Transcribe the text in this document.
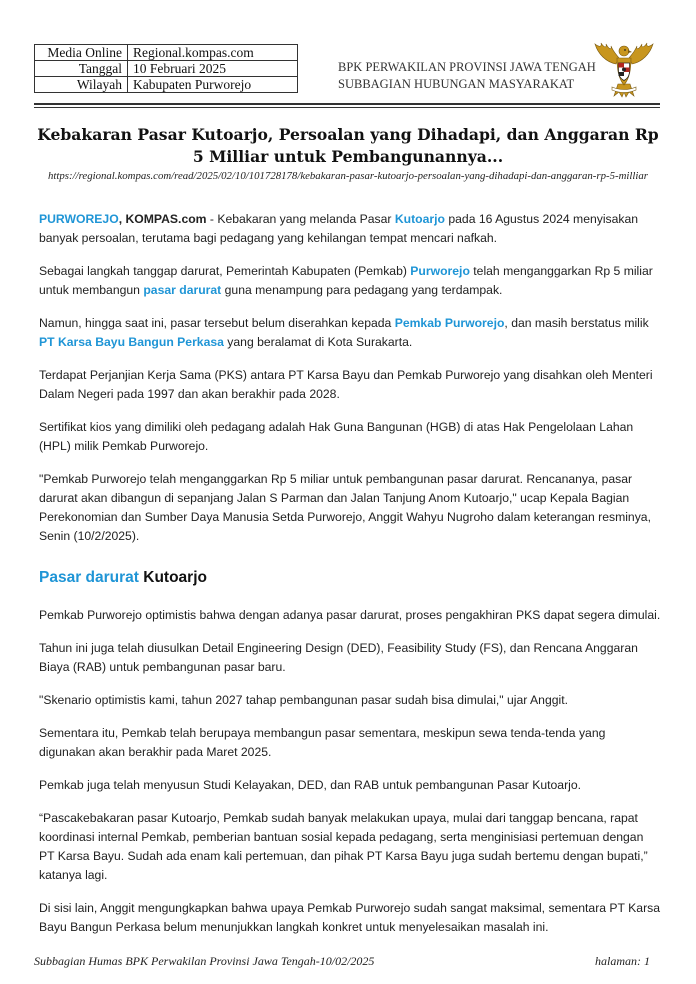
Media Online	Regional.kompas.com
Tanggal	10 Februari 2025
Wilayah	Kabupaten Purworejo
BPK PERWAKILAN PROVINSI JAWA TENGAH
SUBBAGIAN HUBUNGAN MASYARAKAT
Kebakaran Pasar Kutoarjo, Persoalan yang Dihadapi, dan Anggaran Rp 5 Milliar untuk Pembangunannya...
https://regional.kompas.com/read/2025/02/10/101728178/kebakaran-pasar-kutoarjo-persoalan-yang-dihadapi-dan-anggaran-rp-5-milliar

PURWOREJO, KOMPAS.com - Kebakaran yang melanda Pasar Kutoarjo pada 16 Agustus 2024 menyisakan banyak persoalan, terutama bagi pedagang yang kehilangan tempat mencari nafkah.

Sebagai langkah tanggap darurat, Pemerintah Kabupaten (Pemkab) Purworejo telah menganggarkan Rp 5 miliar untuk membangun pasar darurat guna menampung para pedagang yang terdampak.

Namun, hingga saat ini, pasar tersebut belum diserahkan kepada Pemkab Purworejo, dan masih berstatus milik PT Karsa Bayu Bangun Perkasa yang beralamat di Kota Surakarta.

Terdapat Perjanjian Kerja Sama (PKS) antara PT Karsa Bayu dan Pemkab Purworejo yang disahkan oleh Menteri Dalam Negeri pada 1997 dan akan berakhir pada 2028.

Sertifikat kios yang dimiliki oleh pedagang adalah Hak Guna Bangunan (HGB) di atas Hak Pengelolaan Lahan (HPL) milik Pemkab Purworejo.

"Pemkab Purworejo telah menganggarkan Rp 5 miliar untuk pembangunan pasar darurat. Rencananya, pasar darurat akan dibangun di sepanjang Jalan S Parman dan Jalan Tanjung Anom Kutoarjo," ucap Kepala Bagian Perekonomian dan Sumber Daya Manusia Setda Purworejo, Anggit Wahyu Nugroho dalam keterangan resminya, Senin (10/2/2025).

Pasar darurat Kutoarjo

Pemkab Purworejo optimistis bahwa dengan adanya pasar darurat, proses pengakhiran PKS dapat segera dimulai.

Tahun ini juga telah diusulkan Detail Engineering Design (DED), Feasibility Study (FS), dan Rencana Anggaran Biaya (RAB) untuk pembangunan pasar baru.

"Skenario optimistis kami, tahun 2027 tahap pembangunan pasar sudah bisa dimulai," ujar Anggit.

Sementara itu, Pemkab telah berupaya membangun pasar sementara, meskipun sewa tenda-tenda yang digunakan akan berakhir pada Maret 2025.

Pemkab juga telah menyusun Studi Kelayakan, DED, dan RAB untuk pembangunan Pasar Kutoarjo.

“Pascakebakaran pasar Kutoarjo, Pemkab sudah banyak melakukan upaya, mulai dari tanggap bencana, rapat koordinasi internal Pemkab, pemberian bantuan sosial kepada pedagang, serta menginisiasi pertemuan dengan PT Karsa Bayu. Sudah ada enam kali pertemuan, dan pihak PT Karsa Bayu juga sudah bertemu dengan bupati,” katanya lagi.

Di sisi lain, Anggit mengungkapkan bahwa upaya Pemkab Purworejo sudah sangat maksimal, sementara PT Karsa Bayu Bangun Perkasa belum menunjukkan langkah konkret untuk menyelesaikan masalah ini.

Subbagian Humas BPK Perwakilan Provinsi Jawa Tengah-10/02/2025	halaman: 1
